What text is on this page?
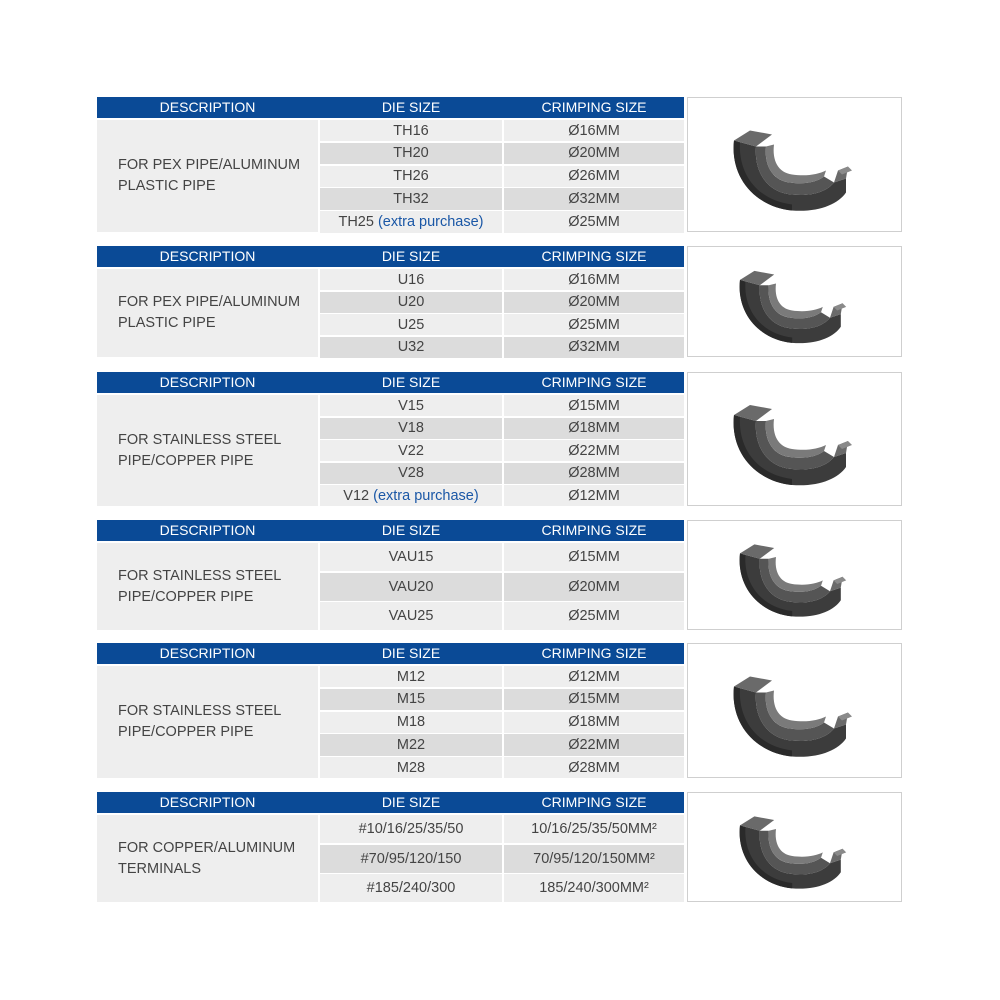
DESCRIPTION	DIE SIZE	CRIMPING SIZE
FOR PEX PIPE/ALUMINUM PLASTIC PIPE
TH16	Ø16MM
TH20	Ø20MM
TH26	Ø26MM
TH32	Ø32MM
TH25 (extra purchase)	Ø25MM
DESCRIPTION	DIE SIZE	CRIMPING SIZE
FOR PEX PIPE/ALUMINUM PLASTIC PIPE
U16	Ø16MM
U20	Ø20MM
U25	Ø25MM
U32	Ø32MM
DESCRIPTION	DIE SIZE	CRIMPING SIZE
FOR STAINLESS STEEL PIPE/COPPER PIPE
V15	Ø15MM
V18	Ø18MM
V22	Ø22MM
V28	Ø28MM
V12 (extra purchase)	Ø12MM
DESCRIPTION	DIE SIZE	CRIMPING SIZE
FOR STAINLESS STEEL PIPE/COPPER PIPE
VAU15	Ø15MM
VAU20	Ø20MM
VAU25	Ø25MM
DESCRIPTION	DIE SIZE	CRIMPING SIZE
FOR STAINLESS STEEL PIPE/COPPER PIPE
M12	Ø12MM
M15	Ø15MM
M18	Ø18MM
M22	Ø22MM
M28	Ø28MM
DESCRIPTION	DIE SIZE	CRIMPING SIZE
FOR COPPER/ALUMINUM TERMINALS
#10/16/25/35/50	10/16/25/35/50MM²
#70/95/120/150	70/95/120/150MM²
#185/240/300	185/240/300MM²
